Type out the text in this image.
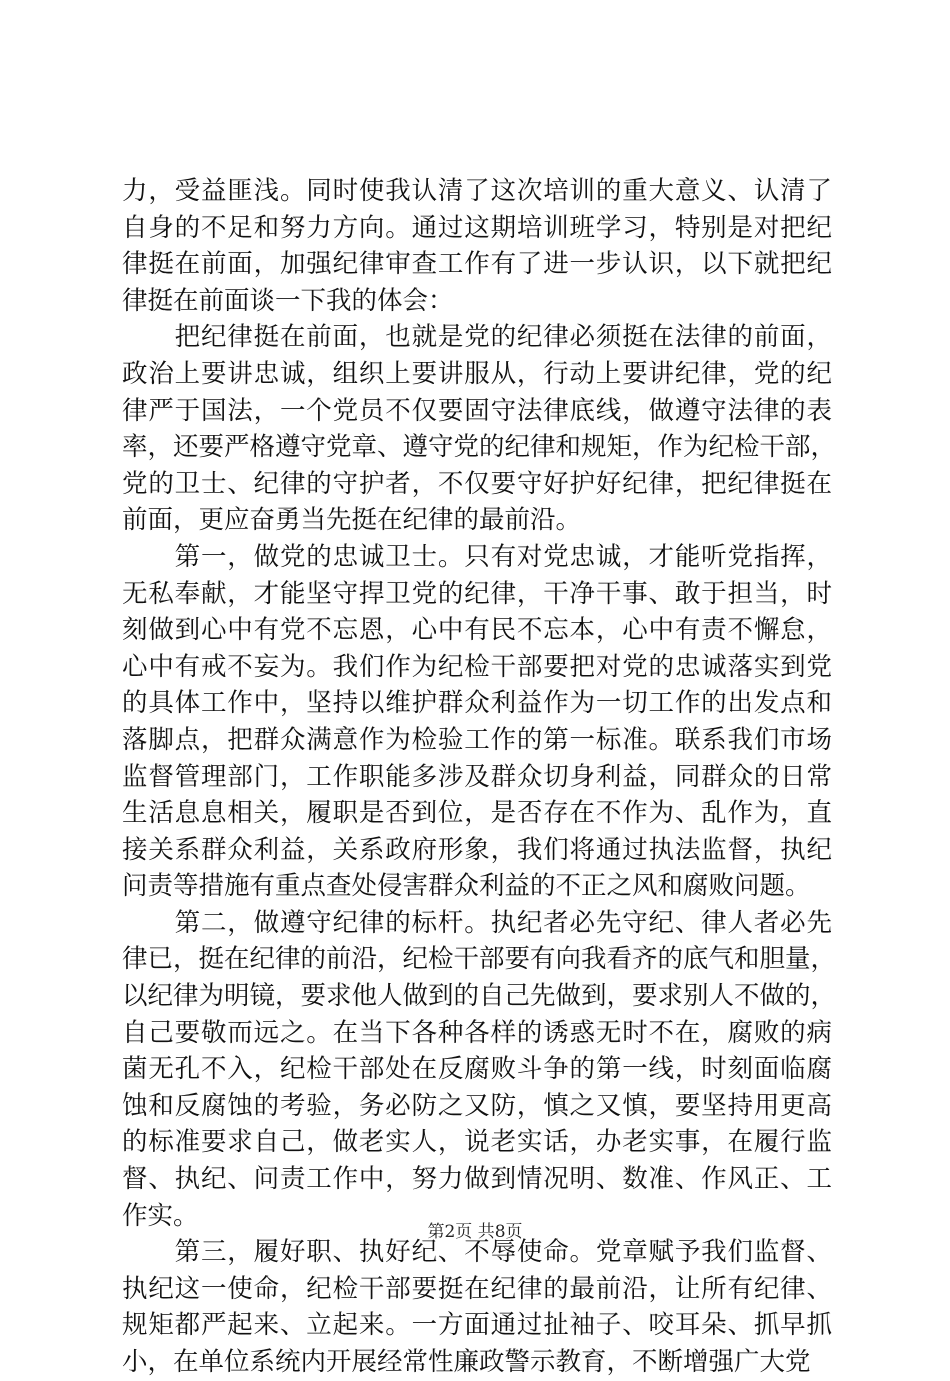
力，受益匪浅。同时使我认清了这次培训的重大意义、认清了
自身的不足和努力方向。通过这期培训班学习，特别是对把纪
律挺在前面，加强纪律审查工作有了进一步认识，以下就把纪
律挺在前面谈一下我的体会：
　　把纪律挺在前面，也就是党的纪律必须挺在法律的前面，
政治上要讲忠诚，组织上要讲服从，行动上要讲纪律，党的纪
律严于国法，一个党员不仅要固守法律底线，做遵守法律的表
率，还要严格遵守党章、遵守党的纪律和规矩，作为纪检干部，
党的卫士、纪律的守护者，不仅要守好护好纪律，把纪律挺在
前面，更应奋勇当先挺在纪律的最前沿。
　　第一，做党的忠诚卫士。只有对党忠诚，才能听党指挥，
无私奉献，才能坚守捍卫党的纪律，干净干事、敢于担当，时
刻做到心中有党不忘恩，心中有民不忘本，心中有责不懈怠，
心中有戒不妄为。我们作为纪检干部要把对党的忠诚落实到党
的具体工作中，坚持以维护群众利益作为一切工作的出发点和
落脚点，把群众满意作为检验工作的第一标准。联系我们市场
监督管理部门，工作职能多涉及群众切身利益，同群众的日常
生活息息相关，履职是否到位，是否存在不作为、乱作为，直
接关系群众利益，关系政府形象，我们将通过执法监督，执纪
问责等措施有重点查处侵害群众利益的不正之风和腐败问题。
　　第二，做遵守纪律的标杆。执纪者必先守纪、律人者必先
律已，挺在纪律的前沿，纪检干部要有向我看齐的底气和胆量，
以纪律为明镜，要求他人做到的自己先做到，要求别人不做的，
自己要敬而远之。在当下各种各样的诱惑无时不在，腐败的病
菌无孔不入，纪检干部处在反腐败斗争的第一线，时刻面临腐
蚀和反腐蚀的考验，务必防之又防，慎之又慎，要坚持用更高
的标准要求自己，做老实人，说老实话，办老实事，在履行监
督、执纪、问责工作中，努力做到情况明、数准、作风正、工
作实。
　　第三，履好职、执好纪、不辱使命。党章赋予我们监督、
执纪这一使命，纪检干部要挺在纪律的最前沿，让所有纪律、
规矩都严起来、立起来。一方面通过扯袖子、咬耳朵、抓早抓
小，在单位系统内开展经常性廉政警示教育，不断增强广大党
第2页 共8页
